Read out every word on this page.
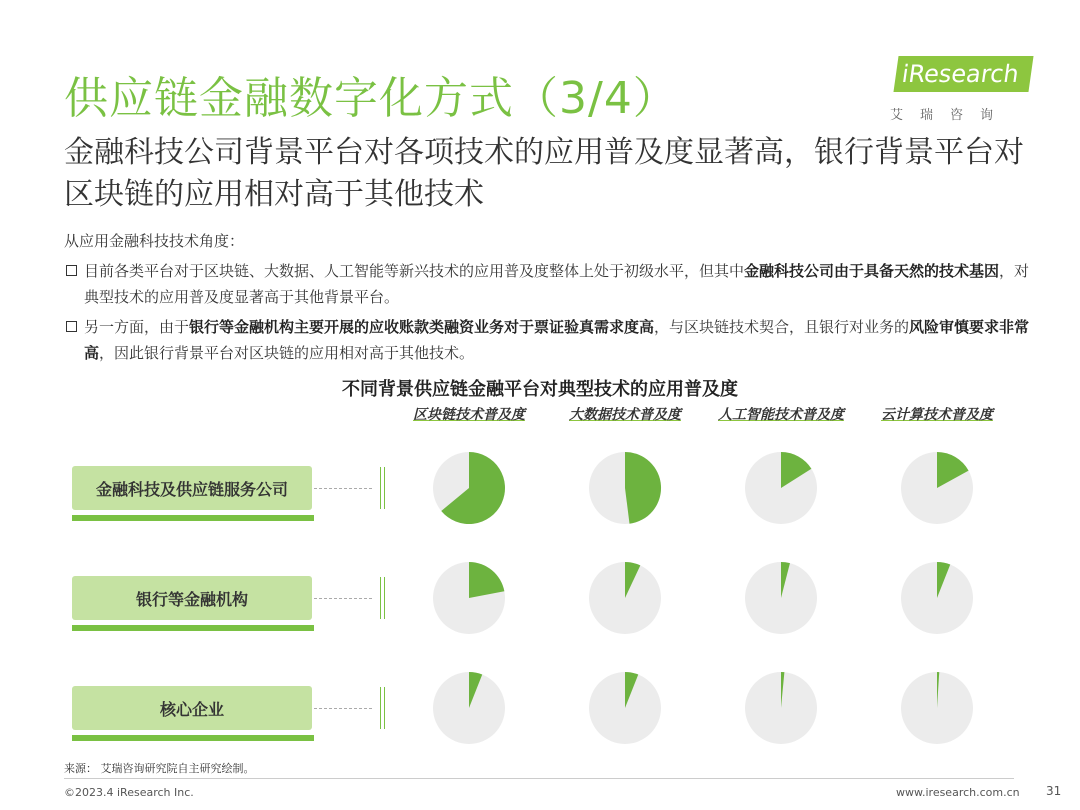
供应链金融数字化方式（3/4）	iResearch
艾瑞咨询
金融科技公司背景平台对各项技术的应用普及度显著高，银行背景平台对区块链的应用相对高于其他技术
从应用金融科技技术角度：
目前各类平台对于区块链、大数据、人工智能等新兴技术的应用普及度整体上处于初级水平，但其中金融科技公司由于具备天然的技术基因，对典型技术的应用普及度显著高于其他背景平台。
另一方面，由于银行等金融机构主要开展的应收账款类融资业务对于票证验真需求度高，与区块链技术契合，且银行对业务的风险审慎要求非常高，因此银行背景平台对区块链的应用相对高于其他技术。
不同背景供应链金融平台对典型技术的应用普及度
区块链技术普及度	大数据技术普及度	人工智能技术普及度	云计算技术普及度
金融科技及供应链服务公司
银行等金融机构
核心企业
来源： 艾瑞咨询研究院自主研究绘制。
©2023.4 iResearch Inc.	www.iresearch.com.cn 31
